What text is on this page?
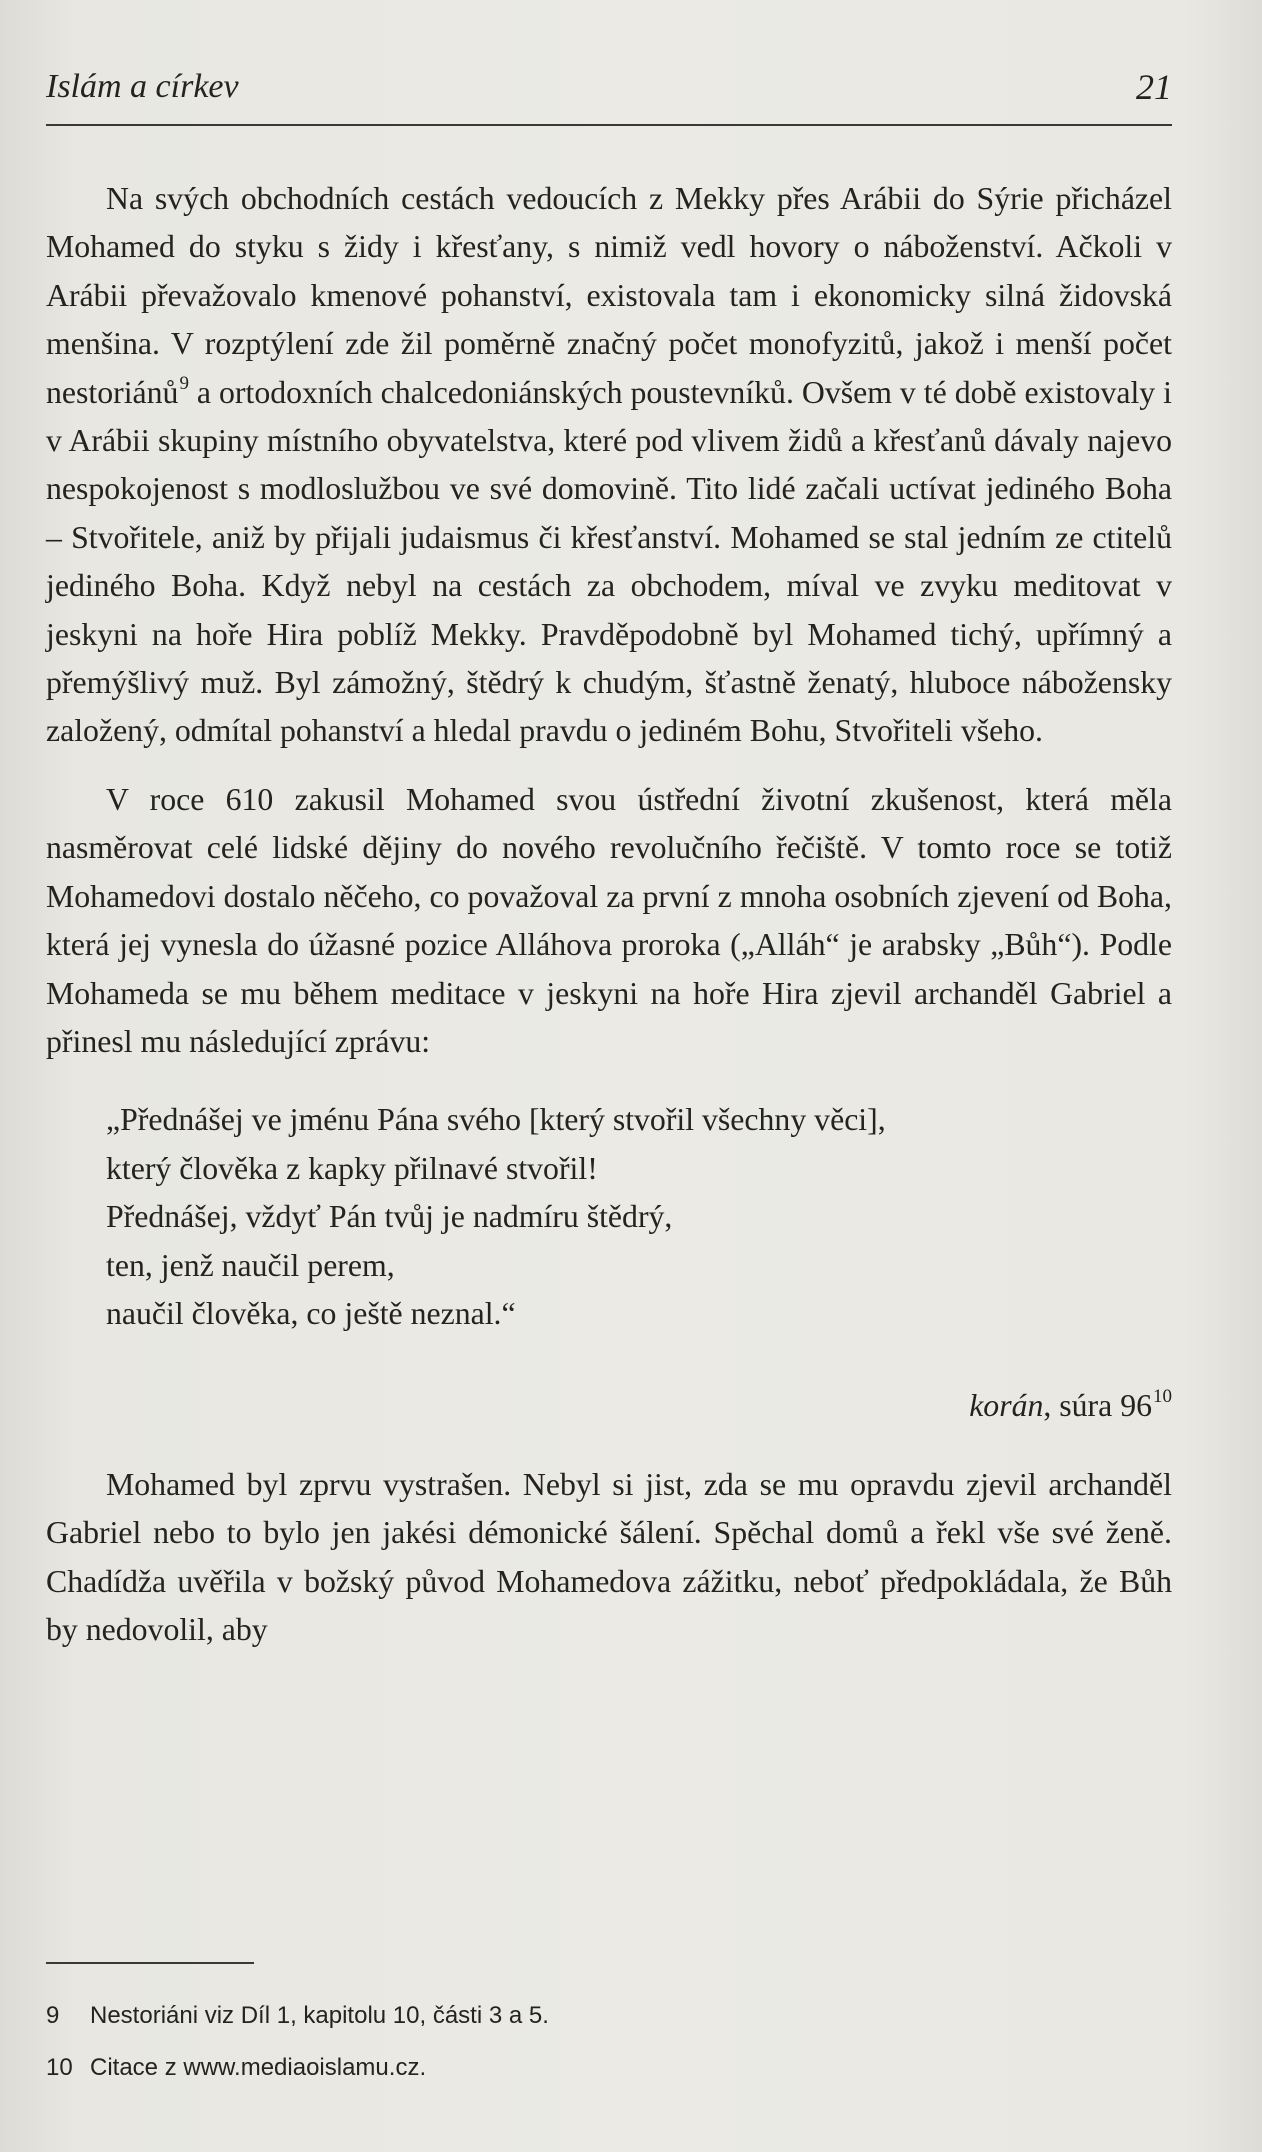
Islám a církev	21

Na svých obchodních cestách vedoucích z Mekky přes Arábii do Sýrie přicházel Mohamed do styku s židy i křesťany, s nimiž vedl hovory o náboženství. Ačkoli v Arábii převažovalo kmenové pohanství, existovala tam i ekonomicky silná židovská menšina. V rozptýlení zde žil poměrně značný počet monofyzitů, jakož i menší počet nestoriánů$^9$ a ortodoxních chalcedoniánských poustevníků. Ovšem v té době existovaly i v Arábii skupiny místního obyvatelstva, které pod vlivem židů a křesťanů dávaly najevo nespokojenost s modloslužbou ve své domovině. Tito lidé začali uctívat jediného Boha – Stvořitele, aniž by přijali judaismus či křesťanství. Mohamed se stal jedním ze ctitelů jediného Boha. Když nebyl na cestách za obchodem, míval ve zvyku meditovat v jeskyni na hoře Hira poblíž Mekky. Pravděpodobně byl Mohamed tichý, upřímný a přemýšlivý muž. Byl zámožný, štědrý k chudým, šťastně ženatý, hluboce nábožensky založený, odmítal pohanství a hledal pravdu o jediném Bohu, Stvořiteli všeho.

V roce 610 zakusil Mohamed svou ústřední životní zkušenost, která měla nasměrovat celé lidské dějiny do nového revolučního řečiště. V tomto roce se totiž Mohamedovi dostalo něčeho, co považoval za první z mnoha osobních zjevení od Boha, která jej vynesla do úžasné pozice Alláhova proroka („Alláh“ je arabsky „Bůh“). Podle Mohameda se mu během meditace v jeskyni na hoře Hira zjevil archanděl Gabriel a přinesl mu následující zprávu:

„Přednášej ve jménu Pána svého [který stvořil všechny věci],
který člověka z kapky přilnavé stvořil!
Přednášej, vždyť Pán tvůj je nadmíru štědrý,
ten, jenž naučil perem,
naučil člověka, co ještě neznal.“
korán, súra $96^{10}$

Mohamed byl zprvu vystrašen. Nebyl si jist, zda se mu opravdu zjevil archanděl Gabriel nebo to bylo jen jakési démonické šálení. Spěchal domů a řekl vše své ženě. Chadídža uvěřila v božský původ Mohamedova zážitku, neboť předpokládala, že Bůh by nedovolil, aby

9 Nestoriáni viz Díl 1, kapitolu 10, části 3 a 5.
10 Citace z www.mediaoislamu.cz.
